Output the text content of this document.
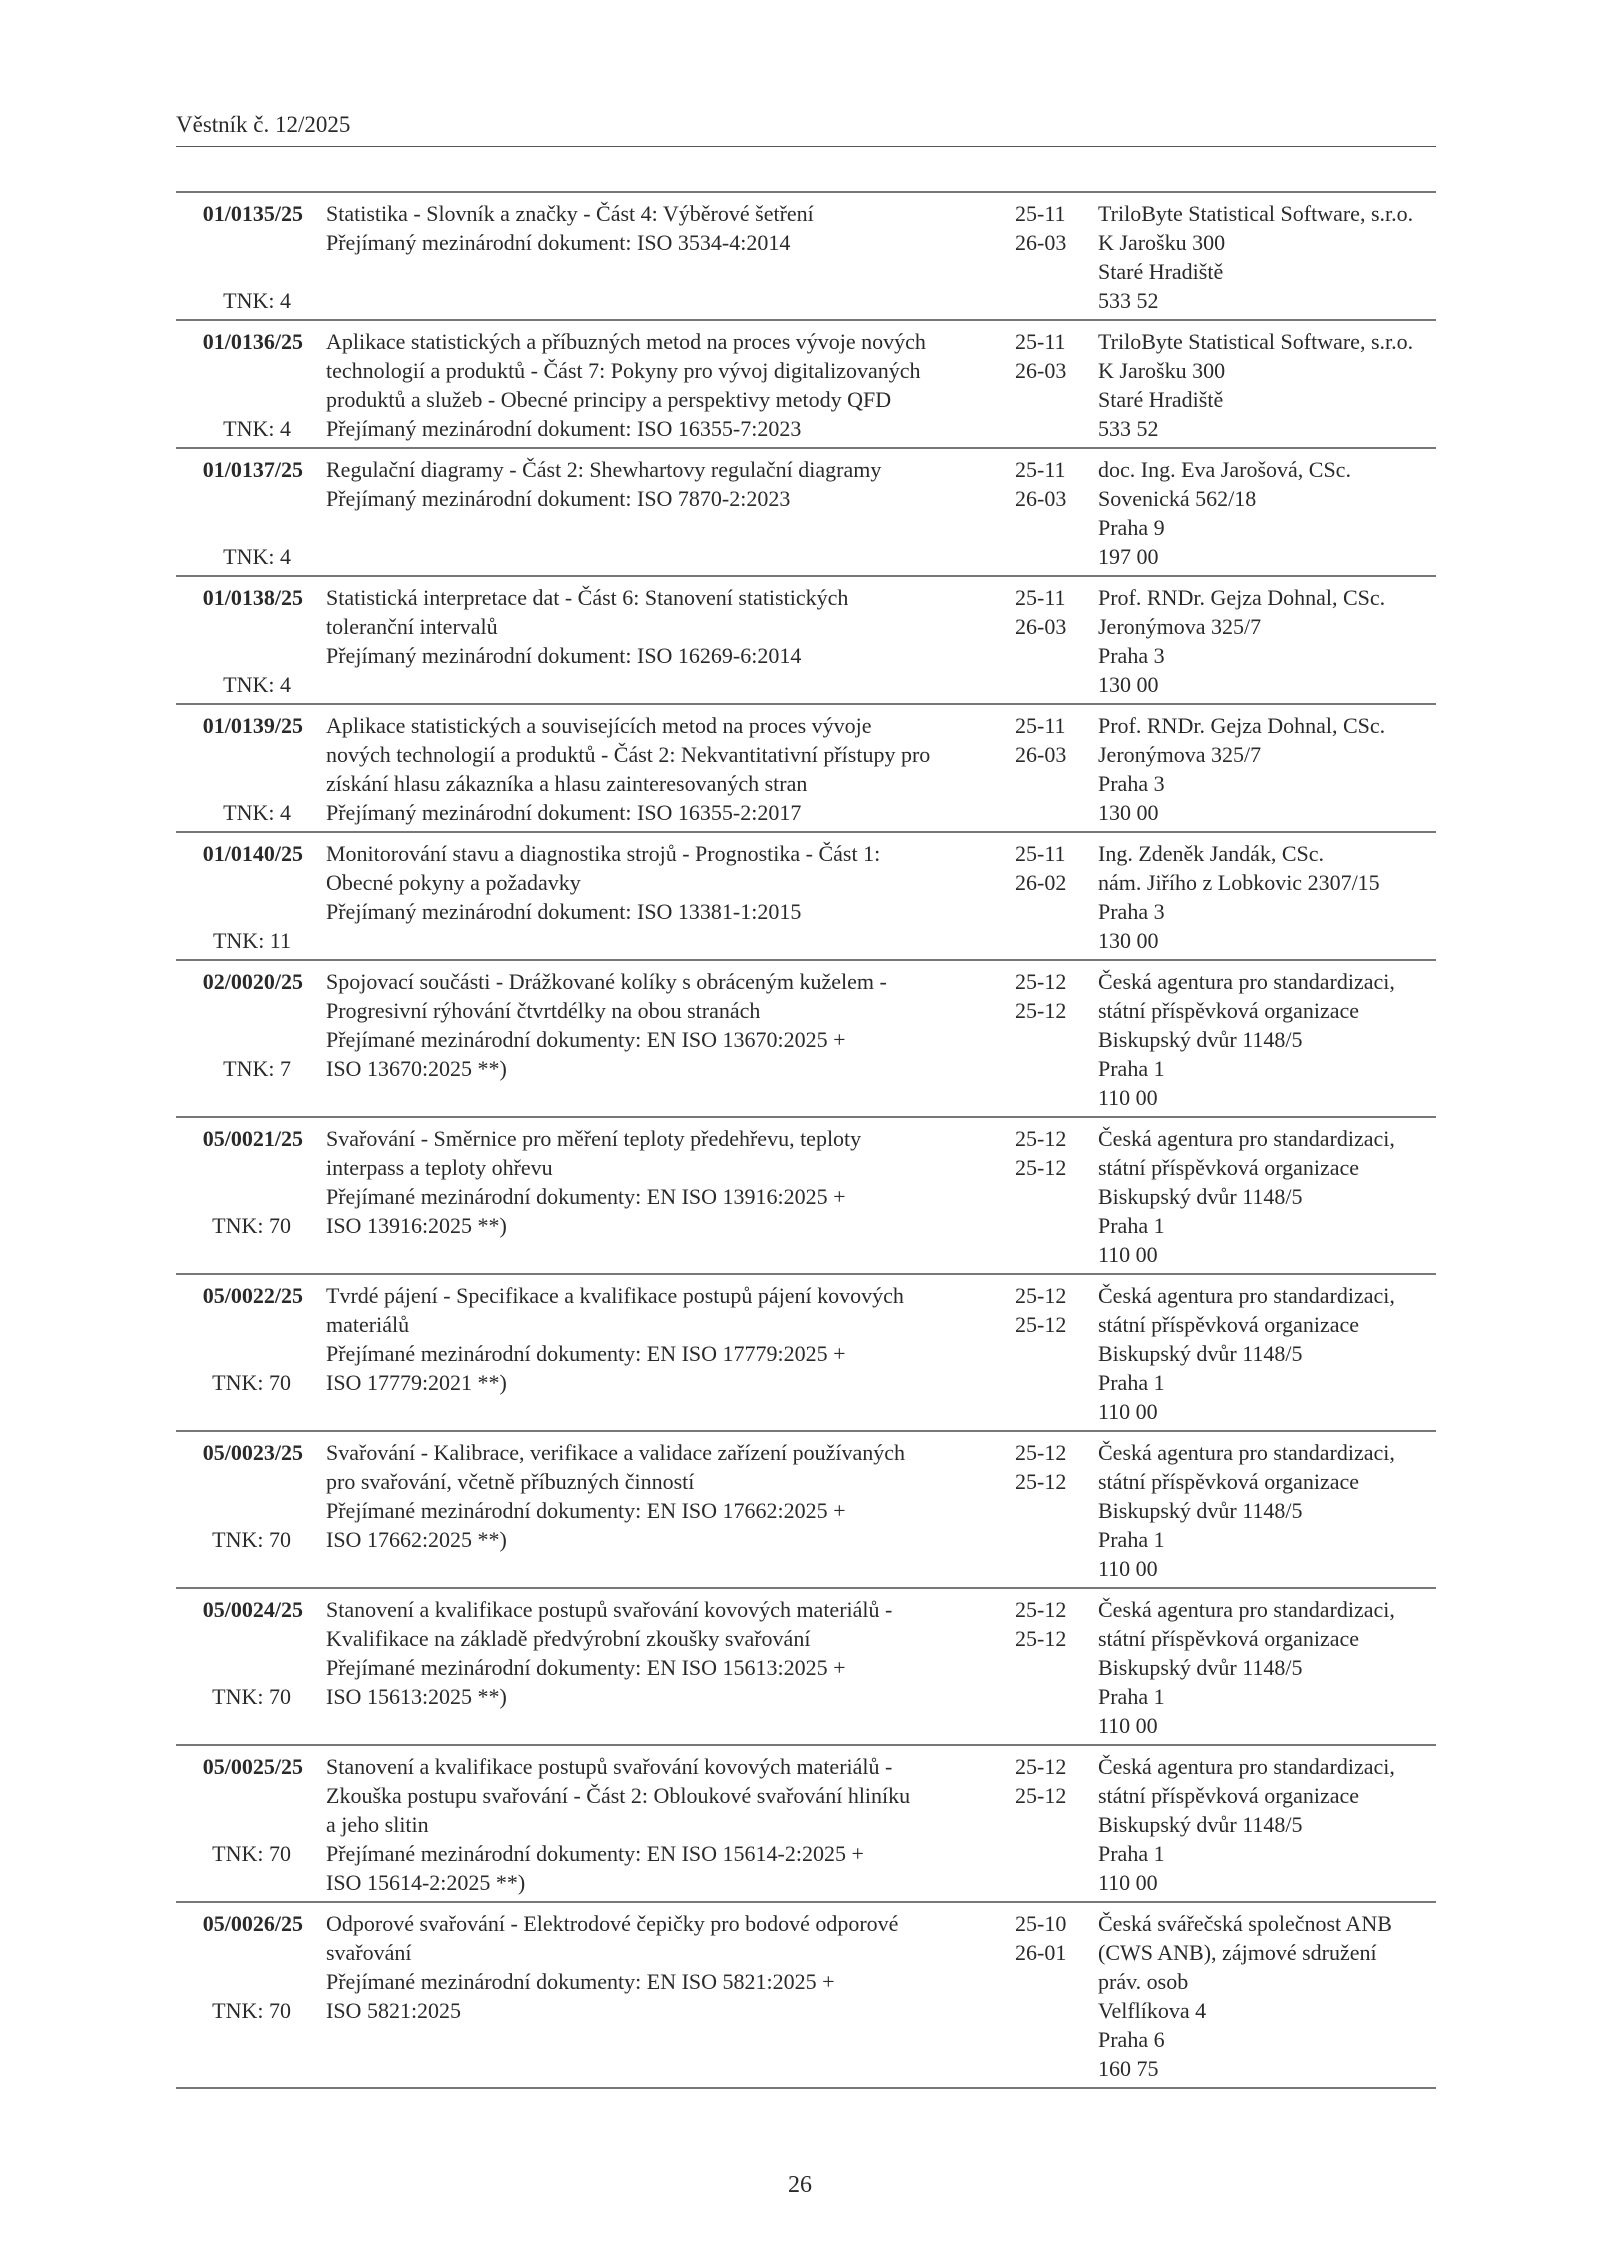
Věstník č. 12/2025
01/0135/25
TNK: 4
Statistika - Slovník a značky - Část 4: Výběrové šetření
Přejímaný mezinárodní dokument: ISO 3534-4:2014
25-11
26-03
TriloByte Statistical Software, s.r.o.
K Jarošku 300
Staré Hradiště
533 52
01/0136/25
TNK: 4
Aplikace statistických a příbuzných metod na proces vývoje nových
technologií a produktů - Část 7: Pokyny pro vývoj digitalizovaných
produktů a služeb - Obecné principy a perspektivy metody QFD
Přejímaný mezinárodní dokument: ISO 16355-7:2023
25-11
26-03
TriloByte Statistical Software, s.r.o.
K Jarošku 300
Staré Hradiště
533 52
01/0137/25
TNK: 4
Regulační diagramy - Část 2: Shewhartovy regulační diagramy
Přejímaný mezinárodní dokument: ISO 7870-2:2023
25-11
26-03
doc. Ing. Eva Jarošová, CSc.
Sovenická 562/18
Praha 9
197 00
01/0138/25
TNK: 4
Statistická interpretace dat - Část 6: Stanovení statistických
toleranční intervalů
Přejímaný mezinárodní dokument: ISO 16269-6:2014
25-11
26-03
Prof. RNDr. Gejza Dohnal, CSc.
Jeronýmova 325/7
Praha 3
130 00
01/0139/25
TNK: 4
Aplikace statistických a souvisejících metod na proces vývoje
nových technologií a produktů - Část 2: Nekvantitativní přístupy pro
získání hlasu zákazníka a hlasu zainteresovaných stran
Přejímaný mezinárodní dokument: ISO 16355-2:2017
25-11
26-03
Prof. RNDr. Gejza Dohnal, CSc.
Jeronýmova 325/7
Praha 3
130 00
01/0140/25
TNK: 11
Monitorování stavu a diagnostika strojů - Prognostika - Část 1:
Obecné pokyny a požadavky
Přejímaný mezinárodní dokument: ISO 13381-1:2015
25-11
26-02
Ing. Zdeněk Jandák, CSc.
nám. Jiřího z Lobkovic 2307/15
Praha 3
130 00
02/0020/25
TNK: 7
Spojovací součásti - Drážkované kolíky s obráceným kuželem -
Progresivní rýhování čtvrtdélky na obou stranách
Přejímané mezinárodní dokumenty: EN ISO 13670:2025 +
ISO 13670:2025 **)
25-12
25-12
Česká agentura pro standardizaci,
státní příspěvková organizace
Biskupský dvůr 1148/5
Praha 1
110 00
05/0021/25
TNK: 70
Svařování - Směrnice pro měření teploty předehřevu, teploty
interpass a teploty ohřevu
Přejímané mezinárodní dokumenty: EN ISO 13916:2025 +
ISO 13916:2025 **)
25-12
25-12
Česká agentura pro standardizaci,
státní příspěvková organizace
Biskupský dvůr 1148/5
Praha 1
110 00
05/0022/25
TNK: 70
Tvrdé pájení - Specifikace a kvalifikace postupů pájení kovových
materiálů
Přejímané mezinárodní dokumenty: EN ISO 17779:2025 +
ISO 17779:2021 **)
25-12
25-12
Česká agentura pro standardizaci,
státní příspěvková organizace
Biskupský dvůr 1148/5
Praha 1
110 00
05/0023/25
TNK: 70
Svařování - Kalibrace, verifikace a validace zařízení používaných
pro svařování, včetně příbuzných činností
Přejímané mezinárodní dokumenty: EN ISO 17662:2025 +
ISO 17662:2025 **)
25-12
25-12
Česká agentura pro standardizaci,
státní příspěvková organizace
Biskupský dvůr 1148/5
Praha 1
110 00
05/0024/25
TNK: 70
Stanovení a kvalifikace postupů svařování kovových materiálů -
Kvalifikace na základě předvýrobní zkoušky svařování
Přejímané mezinárodní dokumenty: EN ISO 15613:2025 +
ISO 15613:2025 **)
25-12
25-12
Česká agentura pro standardizaci,
státní příspěvková organizace
Biskupský dvůr 1148/5
Praha 1
110 00
05/0025/25
TNK: 70
Stanovení a kvalifikace postupů svařování kovových materiálů -
Zkouška postupu svařování - Část 2: Obloukové svařování hliníku
a jeho slitin
Přejímané mezinárodní dokumenty: EN ISO 15614-2:2025 +
ISO 15614-2:2025 **)
25-12
25-12
Česká agentura pro standardizaci,
státní příspěvková organizace
Biskupský dvůr 1148/5
Praha 1
110 00
05/0026/25
TNK: 70
Odporové svařování - Elektrodové čepičky pro bodové odporové
svařování
Přejímané mezinárodní dokumenty: EN ISO 5821:2025 +
ISO 5821:2025
25-10
26-01
Česká svářečská společnost ANB
(CWS ANB), zájmové sdružení
práv. osob
Velflíkova 4
Praha 6
160 75
26
